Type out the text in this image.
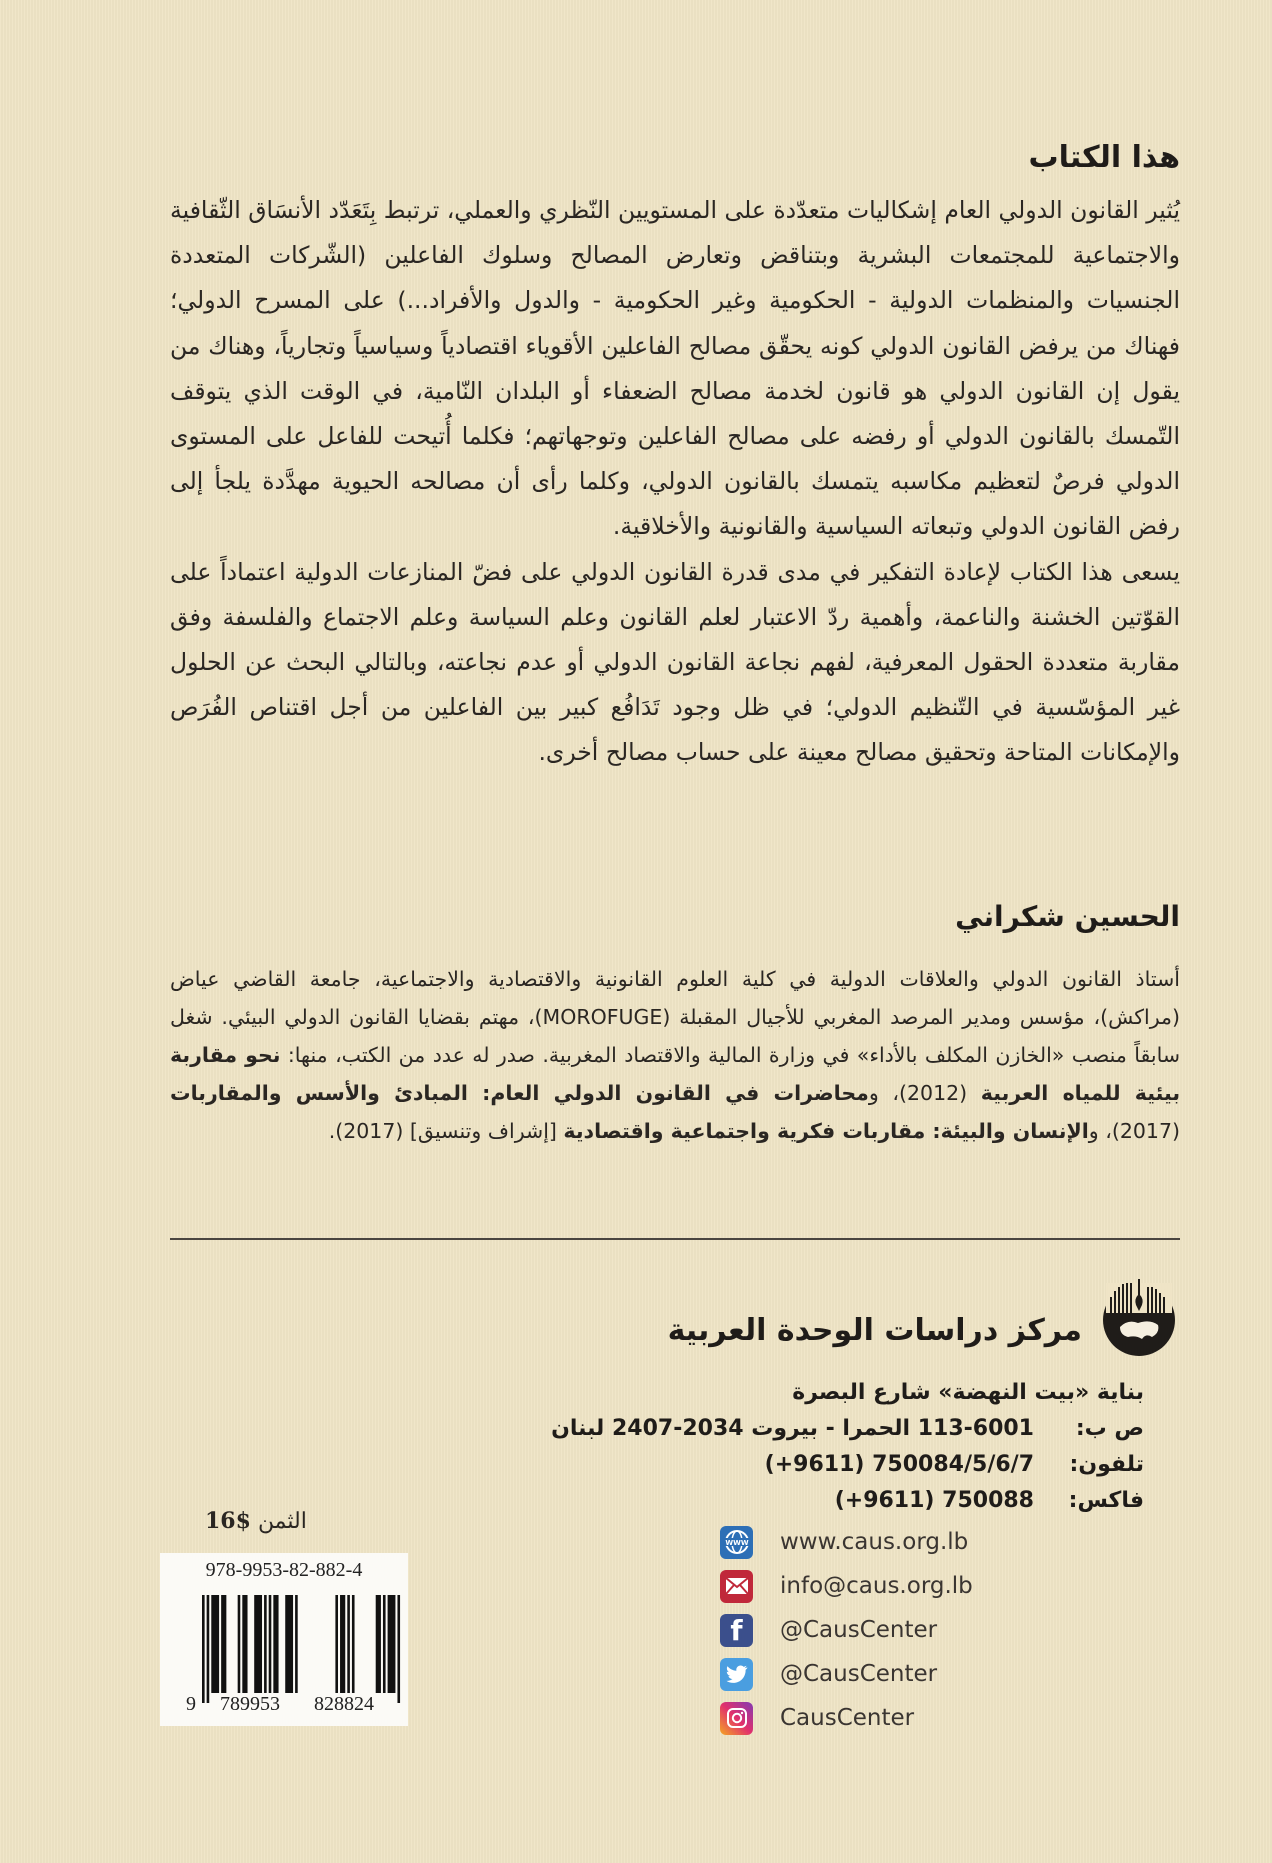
هذا الكتاب

يُثير القانون الدولي العام إشكاليات متعدّدة على المستويين النّظري والعملي، ترتبط بِتَعَدّد الأنسَاق الثّقافية والاجتماعية للمجتمعات البشرية وبتناقض وتعارض المصالح وسلوك الفاعلين (الشّركات المتعددة الجنسيات والمنظمات الدولية - الحكومية وغير الحكومية - والدول والأفراد...) على المسرح الدولي؛ فهناك من يرفض القانون الدولي كونه يحقّق مصالح الفاعلين الأقوياء اقتصادياً وسياسياً وتجارياً، وهناك من يقول إن القانون الدولي هو قانون لخدمة مصالح الضعفاء أو البلدان النّامية، في الوقت الذي يتوقف التّمسك بالقانون الدولي أو رفضه على مصالح الفاعلين وتوجهاتهم؛ فكلما أُتيحت للفاعل على المستوى الدولي فرصٌ لتعظيم مكاسبه يتمسك بالقانون الدولي، وكلما رأى أن مصالحه الحيوية مهدَّدة يلجأ إلى رفض القانون الدولي وتبعاته السياسية والقانونية والأخلاقية.

يسعى هذا الكتاب لإعادة التفكير في مدى قدرة القانون الدولي على فضّ المنازعات الدولية اعتماداً على القوّتين الخشنة والناعمة، وأهمية ردّ الاعتبار لعلم القانون وعلم السياسة وعلم الاجتماع والفلسفة وفق مقاربة متعددة الحقول المعرفية، لفهم نجاعة القانون الدولي أو عدم نجاعته، وبالتالي البحث عن الحلول غير المؤسّسية في التّنظيم الدولي؛ في ظل وجود تَدَافُع كبير بين الفاعلين من أجل اقتناص الفُرَص والإمكانات المتاحة وتحقيق مصالح معينة على حساب مصالح أخرى.

الحسين شكراني

أستاذ القانون الدولي والعلاقات الدولية في كلية العلوم القانونية والاقتصادية والاجتماعية، جامعة القاضي عياض (مراكش)، مؤسس ومدير المرصد المغربي للأجيال المقبلة (MOROFUGE)، مهتم بقضايا القانون الدولي البيئي. شغل سابقاً منصب «الخازن المكلف بالأداء» في وزارة المالية والاقتصاد المغربية. صدر له عدد من الكتب، منها: نحو مقاربة بيئية للمياه العربية (2012)، ومحاضرات في القانون الدولي العام: المبادئ والأسس والمقاربات (2017)، والإنسان والبيئة: مقاربات فكرية واجتماعية واقتصادية [إشراف وتنسيق] (2017).

مركز دراسات الوحدة العربية
بناية «بيت النهضة» شارع البصرة
ص ب:113-6001 الحمرا - بيروت 2034-2407 لبنان
تلفون:750084/5/6/7 (9611+)
فاكس:750088 (9611+)
الثمن $16
978-9953-82-882-4
9 789953 828824
WWW www.caus.org.lb
info@caus.org.lb
f	@CausCenter
@CausCenter
CausCenter
